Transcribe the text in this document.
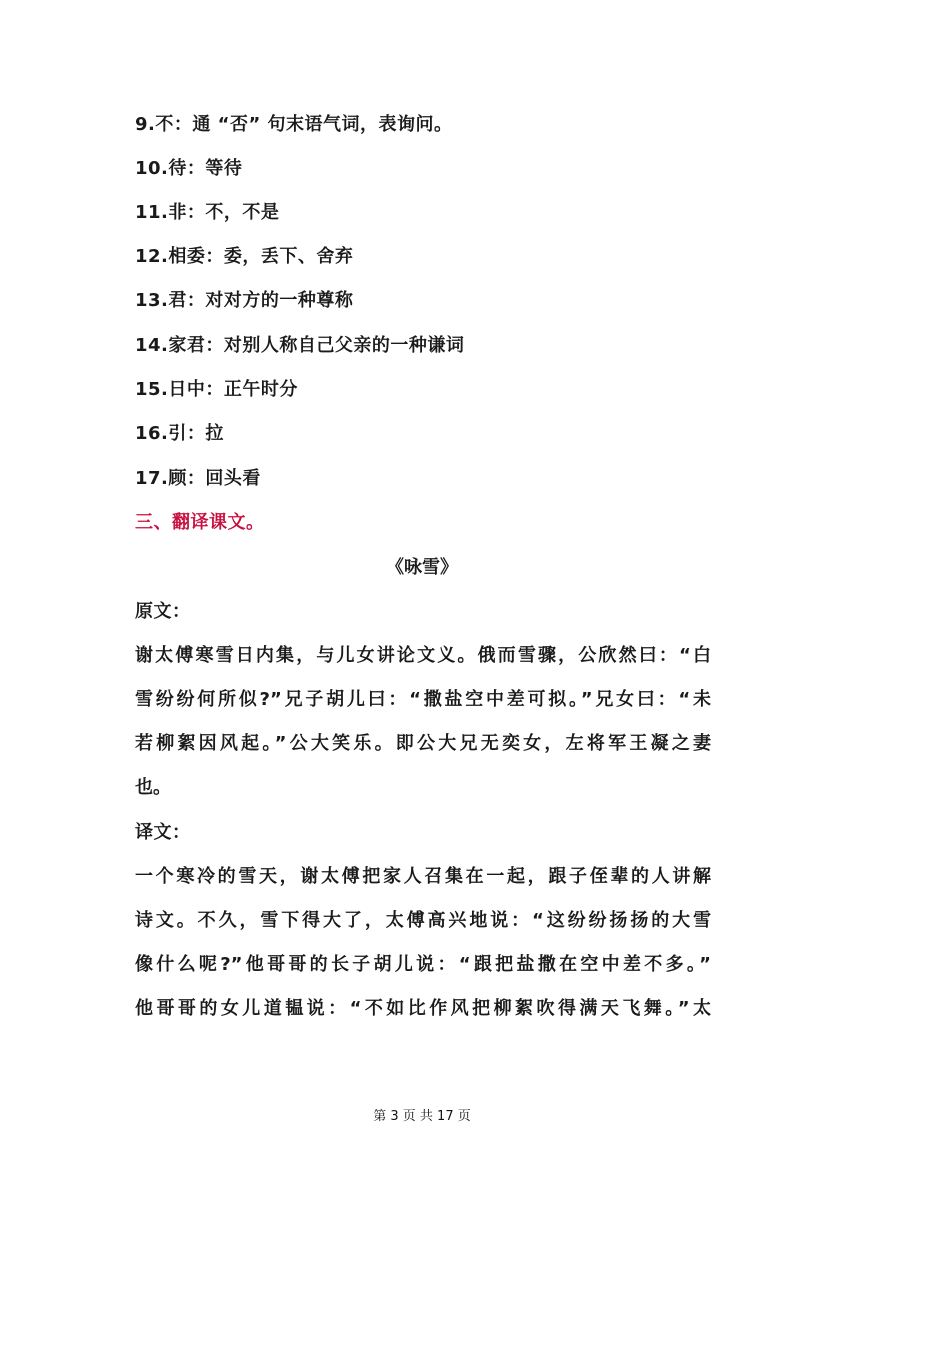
9.不：通 “否” 句末语气词，表询问。
10.待：等待
11.非：不，不是
12.相委：委，丢下、舍弃
13.君：对对方的一种尊称
14.家君：对别人称自己父亲的一种谦词
15.日中：正午时分
16.引：拉
17.顾：回头看
三、翻译课文。
《咏雪》
原文：
谢太傅寒雪日内集，与儿女讲论文义。俄而雪骤，公欣然曰：“白
雪纷纷何所似?”兄子胡儿曰：“撒盐空中差可拟。”兄女曰：“未
若柳絮因风起。”公大笑乐。即公大兄无奕女，左将军王凝之妻
也。
译文：
一个寒冷的雪天，谢太傅把家人召集在一起，跟子侄辈的人讲解
诗文。不久，雪下得大了，太傅高兴地说：“这纷纷扬扬的大雪
像什么呢?”他哥哥的长子胡儿说：“跟把盐撒在空中差不多。”
他哥哥的女儿道韫说：“不如比作风把柳絮吹得满天飞舞。”太
第 3 页 共 17 页
